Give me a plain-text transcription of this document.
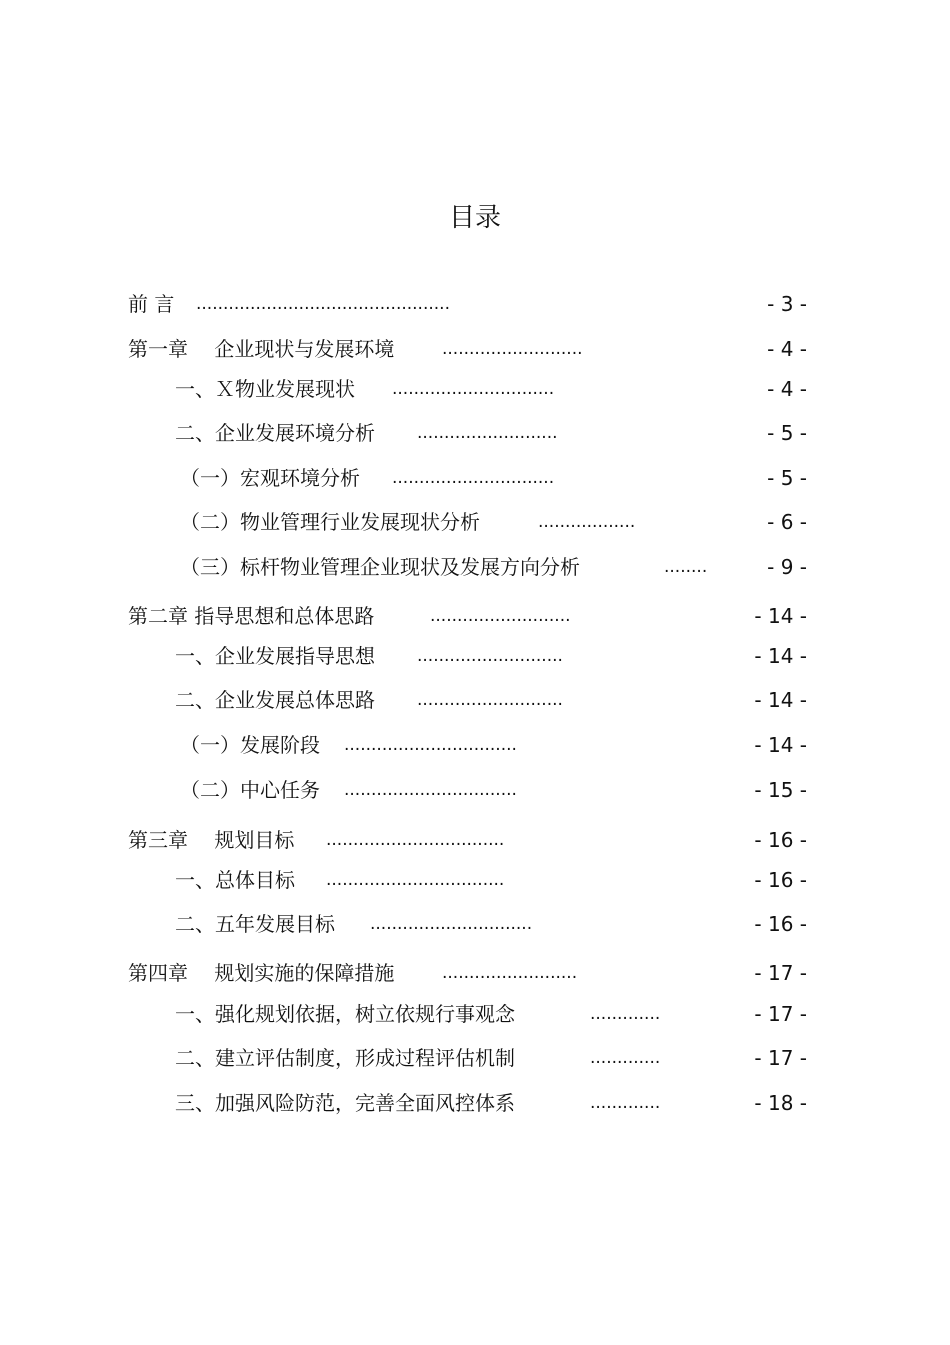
目录
前 言 ...............................................	- 3 -
第一章　 企业现状与发展环境	..........................	- 4 -
一、Ｘ物业发展现状 ..............................	- 4 -
二、企业发展环境分析 ..........................	- 5 -
（一）宏观环境分析 ..............................	- 5 -
（二）物业管理行业发展现状分析	..................	- 6 -
（三）标杆物业管理企业现状及发展方向分析	........	- 9 -
第二章 指导思想和总体思路	..........................	- 14 -
一、企业发展指导思想 ...........................	- 14 -
二、企业发展总体思路 ...........................	- 14 -
（一）发展阶段 ................................	- 14 -
（二）中心任务 ................................	- 15 -
第三章　 规划目标 .................................	- 16 -
一、总体目标 .................................	- 16 -
二、五年发展目标 ..............................	- 16 -
第四章　 规划实施的保障措施	.........................	- 17 -
一、强化规划依据，树立依规行事观念	.............	- 17 -
二、建立评估制度，形成过程评估机制	.............	- 17 -
三、加强风险防范，完善全面风控体系	.............	- 18 -
